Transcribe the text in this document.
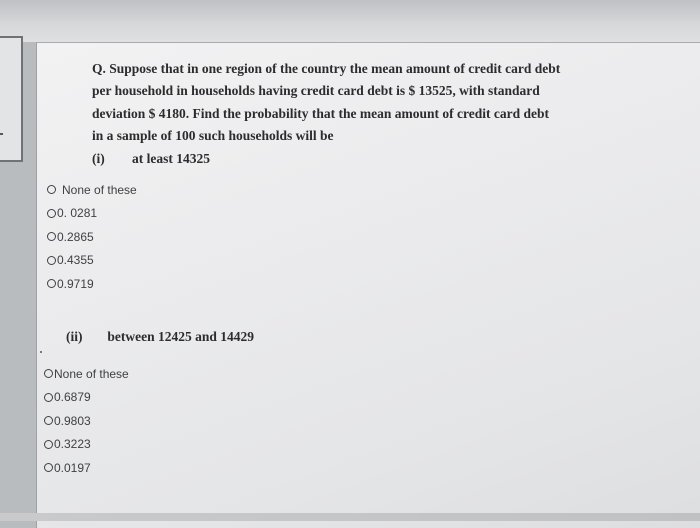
Q. Suppose that in one region of the country the mean amount of credit card debt
per household in households having credit card debt is $ 13525, with standard
deviation $ 4180. Find the probability that the mean amount of credit card debt
in a sample of 100 such households will be
(i)	at least 14325
None of these
0. 0281
0.2865
0.4355
0.9719
(ii) between 12425 and 14429
None of these
0.6879
0.9803
0.3223
0.0197
